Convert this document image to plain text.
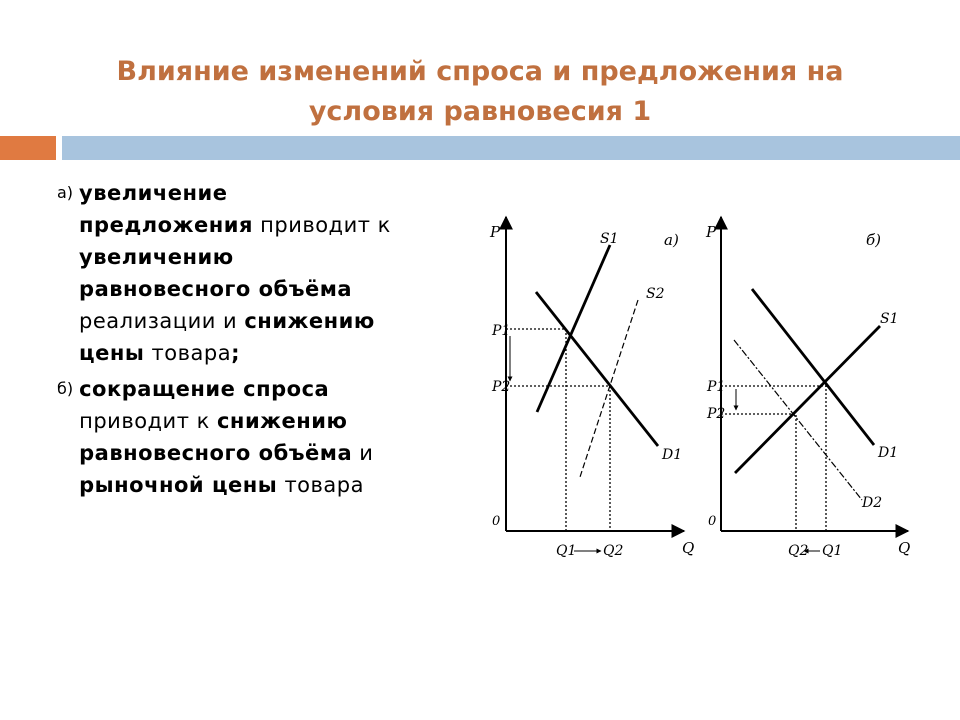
Влияние изменений спроса и предложения на
условия равновесия 1
а) увеличение предложения приводит к увеличению равновесного объёма реализации и снижению цены товара;
б) сокращение спроса приводит к снижению равновесного объёма и рыночной цены товара
P
Q
0
а)
S1
S2
D1
P1
P2
Q1 Q2
P
Q
0
б)
S1
D1
D2
P1
P2
Q2 Q1
